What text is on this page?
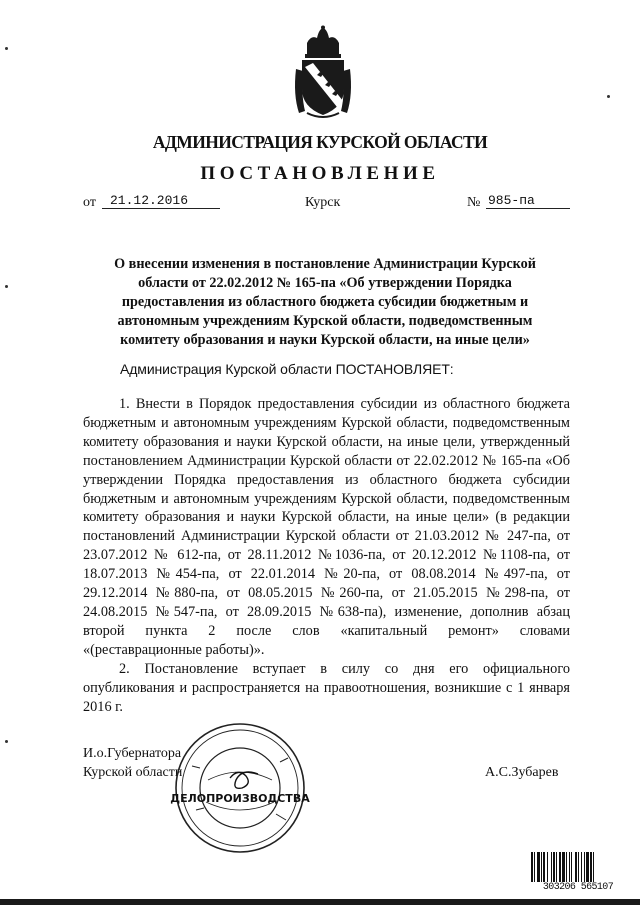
АДМИНИСТРАЦИЯ КУРСКОЙ ОБЛАСТИ
ПОСТАНОВЛЕНИЕ
от	21.12.2016	Курск	№ 985-па
О внесении изменения в постановление Администрации Курской области от 22.02.2012 № 165-па «Об утверждении Порядка предоставления из областного бюджета субсидии бюджетным и автономным учреждениям Курской области, подведомственным комитету образования и науки Курской области, на иные цели»
Администрация Курской области ПОСТАНОВЛЯЕТ:

1. Внести в Порядок предоставления субсидии из областного бюджета бюджетным и автономным учреждениям Курской области, подведомственным комитету образования и науки Курской области, на иные цели, утвержденный постановлением Администрации Курской области от 22.02.2012 № 165-па «Об утверждении Порядка предоставления из областного бюджета субсидии бюджетным и автономным учреждениям Курской области, подведомственным комитету образования и науки Курской области, на иные цели» (в редакции постановлений Администрации Курской области от 21.03.2012 № 247-па, от 23.07.2012 № 612-па, от 28.11.2012 №1036-па, от 20.12.2012 №1108-па, от 18.07.2013 №454-па, от 22.01.2014 №20-па, от 08.08.2014 №497-па, от 29.12.2014 №880-па, от 08.05.2015 №260-па, от 21.05.2015 №298-па, от 24.08.2015 №547-па, от 28.09.2015 №638-па), изменение, дополнив абзац второй пункта 2 после слов «капитальный ремонт» словами «(реставрационные работы)».

2. Постановление вступает в силу со дня его официального опубликования и распространяется на правоотношения, возникшие с 1 января 2016 г.

И.о.Губернатора
Курской области	А.С.Зубарев
ДЕЛОПРОИЗВОДСТВА
303206 565107
